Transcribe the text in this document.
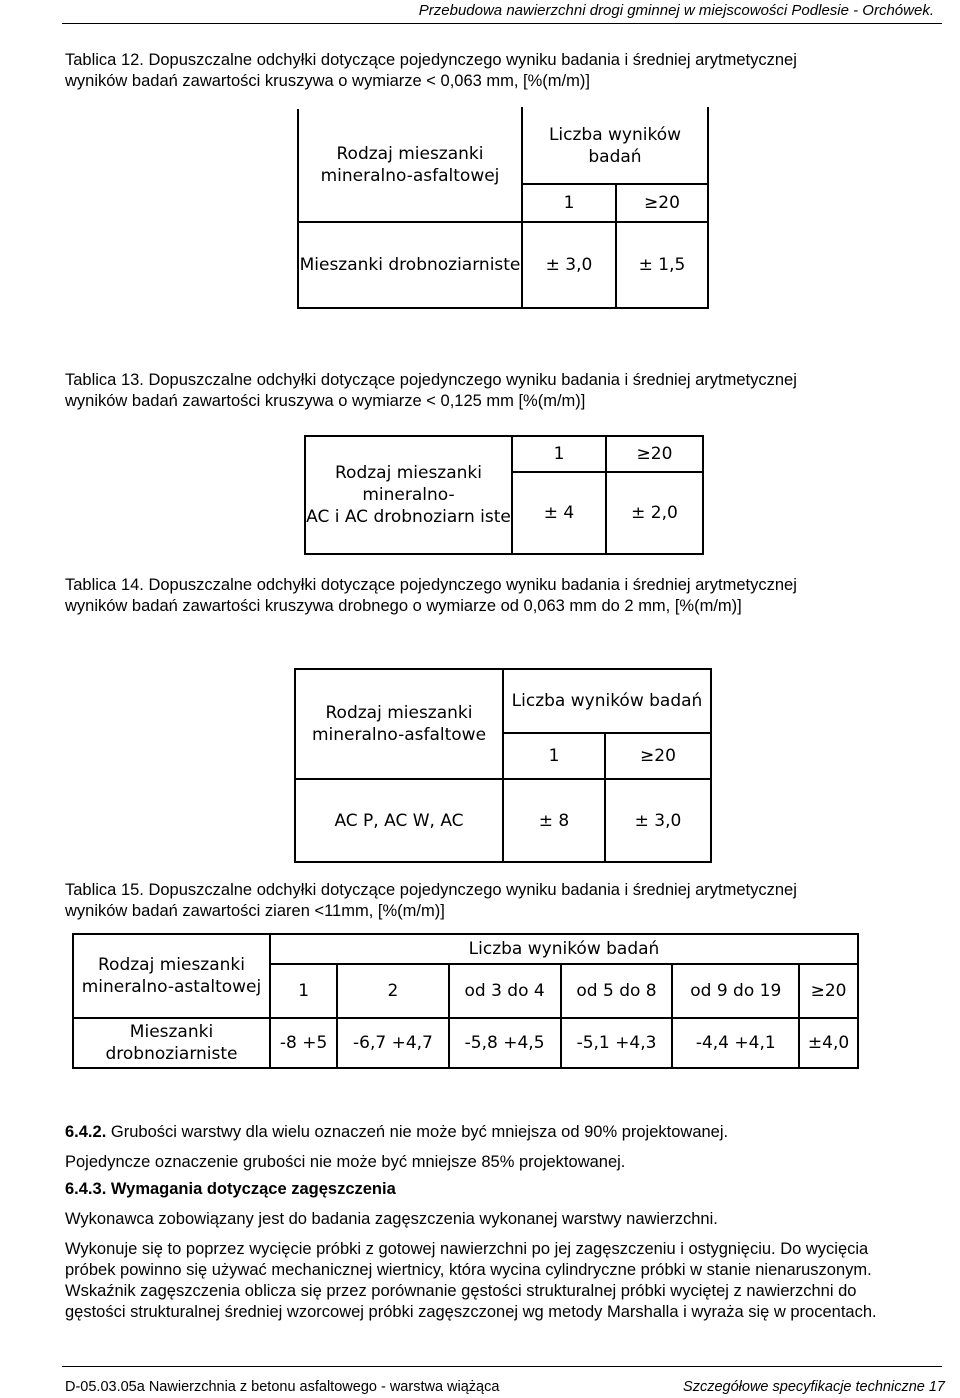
Przebudowa nawierzchni drogi gminnej w miejscowości Podlesie - Orchówek.
Tablica 12. Dopuszczalne odchyłki dotyczące pojedynczego wyniku badania i średniej arytmetycznej
wyników badań zawartości kruszywa o wymiarze < 0,063 mm, [%(m/m)]
Rodzaj mieszanki mineralno-asfaltowej	Liczba wyników badań	
	1	≥20
Mieszanki drobnoziarniste	± 3,0	± 1,5
Tablica 13. Dopuszczalne odchyłki dotyczące pojedynczego wyniku badania i średniej arytmetycznej
wyników badań zawartości kruszywa o wymiarze < 0,125 mm [%(m/m)]
Rodzaj mieszanki mineralno-
AC i AC drobnoziarn iste	1	≥20
	± 4	± 2,0
Tablica 14. Dopuszczalne odchyłki dotyczące pojedynczego wyniku badania i średniej arytmetycznej
wyników badań zawartości kruszywa drobnego o wymiarze od 0,063 mm do 2 mm, [%(m/m)]
Rodzaj mieszanki mineralno-asfaltowe	Liczba wyników badań	
	1	≥20
AC P, AC W, AC	± 8	± 3,0
Tablica 15. Dopuszczalne odchyłki dotyczące pojedynczego wyniku badania i średniej arytmetycznej
wyników badań zawartości ziaren <11mm, [%(m/m)]
Rodzaj mieszanki mineralno-astaltowej	Liczba wyników badań					
	1	2	od 3 do 4	od 5 do 8	od 9 do 19	≥20
Mieszanki drobnoziarniste	-8 +5	-6,7 +4,7	-5,8 +4,5	-5,1 +4,3	-4,4 +4,1	±4,0
6.4.2. Grubości warstwy dla wielu oznaczeń nie może być mniejsza od 90% projektowanej.
Pojedyncze oznaczenie grubości nie może być mniejsze 85% projektowanej.
6.4.3. Wymagania dotyczące zagęszczenia
Wykonawca zobowiązany jest do badania zagęszczenia wykonanej warstwy nawierzchni.
Wykonuje się to poprzez wycięcie próbki z gotowej nawierzchni po jej zagęszczeniu i ostygnięciu. Do wycięcia próbek powinno się używać mechanicznej wiertnicy, która wycina cylindryczne próbki w stanie nienaruszonym. Wskaźnik zagęszczenia oblicza się przez porównanie gęstości strukturalnej próbki wyciętej z nawierzchni do gęstości strukturalnej średniej wzorcowej próbki zagęszczonej wg metody Marshalla i wyraża się w procentach.
D-05.03.05a Nawierzchnia z betonu asfaltowego - warstwa wiążąca	Szczegółowe specyfikacje techniczne 17
